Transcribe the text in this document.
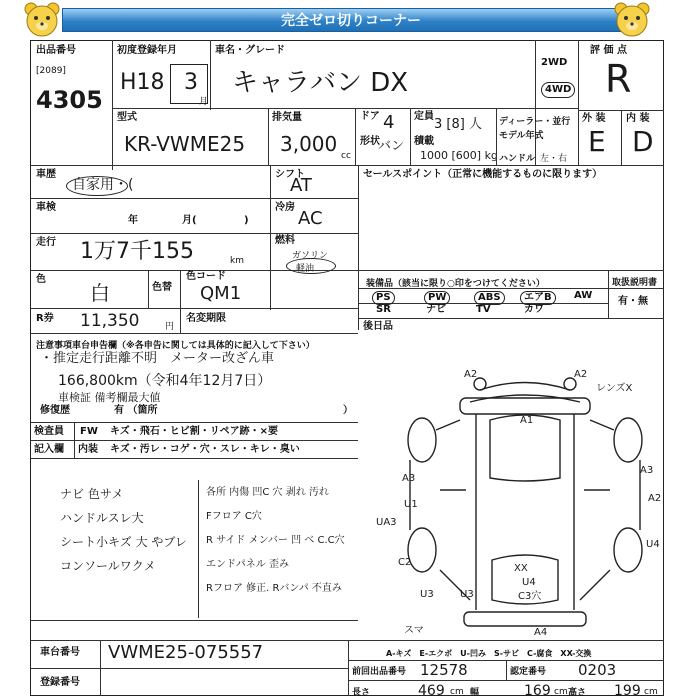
完全ゼロ切りコーナー
出品番号
[2089]
4305
初度登録年月
H18 3
月
車名・グレード
キャラバン DX
2WD
4WD
評 価 点
R
型式
KR-VWME25
排気量
3,000 cc
ドア 4
形状
バン
定員
3 [8] 人
積載
1000 [600] kg
ディーラー・並行
モデル年式
ハンドル 左・右
外 装 内 装
E D
車歴
自家用・(
シフト
AT
車検
年	月(	)
冷房
AC
走行 1万7千155	km
燃料
ガソリン
軽油
色
白	色替
色コード
QM1
R券 11,350	円
名変期限
セールスポイント（正常に機能するものに限ります）
装備品（該当に限り○印をつけてください）
PS	PW	ABS	エアB	AW
SR	ナビ	TV	カワ
取扱説明書
有・無
後日品
注意事項車台申告欄（※各申告に関しては具体的に記入して下さい）
・推定走行距離不明　メーター改ざん車
166,800km（令和4年12月7日）
車検証 備考欄最大値
修復歴	有 （箇所	）
検査員
記入欄
FW キズ・飛石・ヒビ割・リペア跡・×要
内装 キズ・汚レ・コゲ・穴・スレ・キレ・臭い
ナビ 色サメ
ハンドルスレ大
シート小キズ 大 やブレ
コンソールワクメ
各所 内傷 凹C 穴 剥れ 汚れ
Fフロア C穴
R サイド メンバー 凹 べ C.C穴
エンドパネル 歪み
Rフロア 修正. Rバンパ 不直み
A2	A2
レンズX
A1
A3
A3
A2
U1
U4
UA3
C2
XX
U4
C3穴
U3	U3
A4
スマ
A-キズ　E-エクボ　U-凹み　S-サビ　C-腐食　XX-交換
車台番号 VWME25-075557
登録番号
前回出品番号 12578	認定番号 0203
長さ	469 cm 幅	169 cm 高さ 199 cm
